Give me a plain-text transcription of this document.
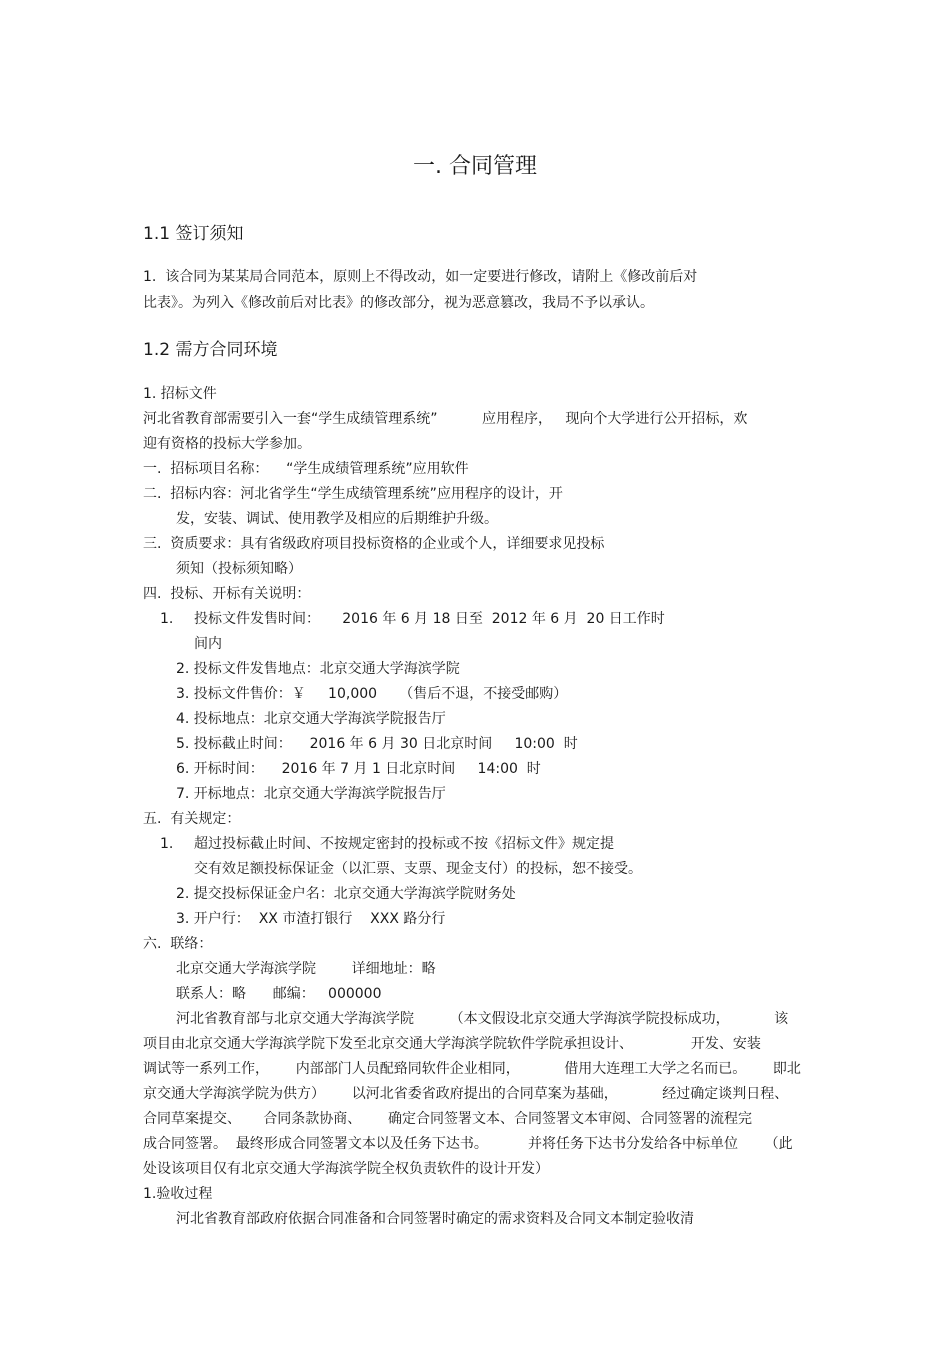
一. 合同管理
1.1 签订须知
1.  该合同为某某局合同范本，原则上不得改动，如一定要进行修改，请附上《修改前后对
比表》。为列入《修改前后对比表》的修改部分，视为恶意篡改，我局不予以承认。
1.2 需方合同环境
1. 招标文件
河北省教育部需要引入一套“学生成绩管理系统”          应用程序，   现向个大学进行公开招标，欢
迎有资格的投标大学参加。
一.  招标项目名称：    “学生成绩管理系统”应用软件
二.  招标内容：河北省学生“学生成绩管理系统”应用程序的设计，开
发，安装、调试、使用教学及相应的后期维护升级。
三.  资质要求：具有省级政府项目投标资格的企业或个人，详细要求见投标
须知（投标须知略）
四.  投标、开标有关说明：
1. 投标文件发售时间：     2016 年 6 月 18 日至  2012 年 6 月  20 日工作时
间内
2. 投标文件发售地点：北京交通大学海滨学院
3. 投标文件售价：￥     10,000     （售后不退，不接受邮购）
4. 投标地点：北京交通大学海滨学院报告厅
5. 投标截止时间：    2016 年 6 月 30 日北京时间     10:00  时
6. 开标时间：    2016 年 7 月 1 日北京时间     14:00  时
7. 开标地点：北京交通大学海滨学院报告厅
五.  有关规定：
1. 超过投标截止时间、不按规定密封的投标或不按《招标文件》规定提
交有效足额投标保证金（以汇票、支票、现金支付）的投标，恕不接受。
2. 提交投标保证金户名：北京交通大学海滨学院财务处
3. 开户行：  XX 市渣打银行    XXX 路分行
六.  联络：
北京交通大学海滨学院        详细地址：略
联系人：略      邮编：   000000
河北省教育部与北京交通大学海滨学院        （本文假设北京交通大学海滨学院投标成功，          该
项目由北京交通大学海滨学院下发至北京交通大学海滨学院软件学院承担设计、             开发、安装
调试等一系列工作，      内部部门人员配臵同软件企业相同，          借用大连理工大学之名而已。      即北
京交通大学海滨学院为供方）      以河北省委省政府提出的合同草案为基础，          经过确定谈判日程、
合同草案提交、     合同条款协商、      确定合同签署文本、合同签署文本审阅、合同签署的流程完
成合同签署。  最终形成合同签署文本以及任务下达书。         并将任务下达书分发给各中标单位      （此
处设该项目仅有北京交通大学海滨学院全权负责软件的设计开发）
1.验收过程
河北省教育部政府依据合同准备和合同签署时确定的需求资料及合同文本制定验收清
